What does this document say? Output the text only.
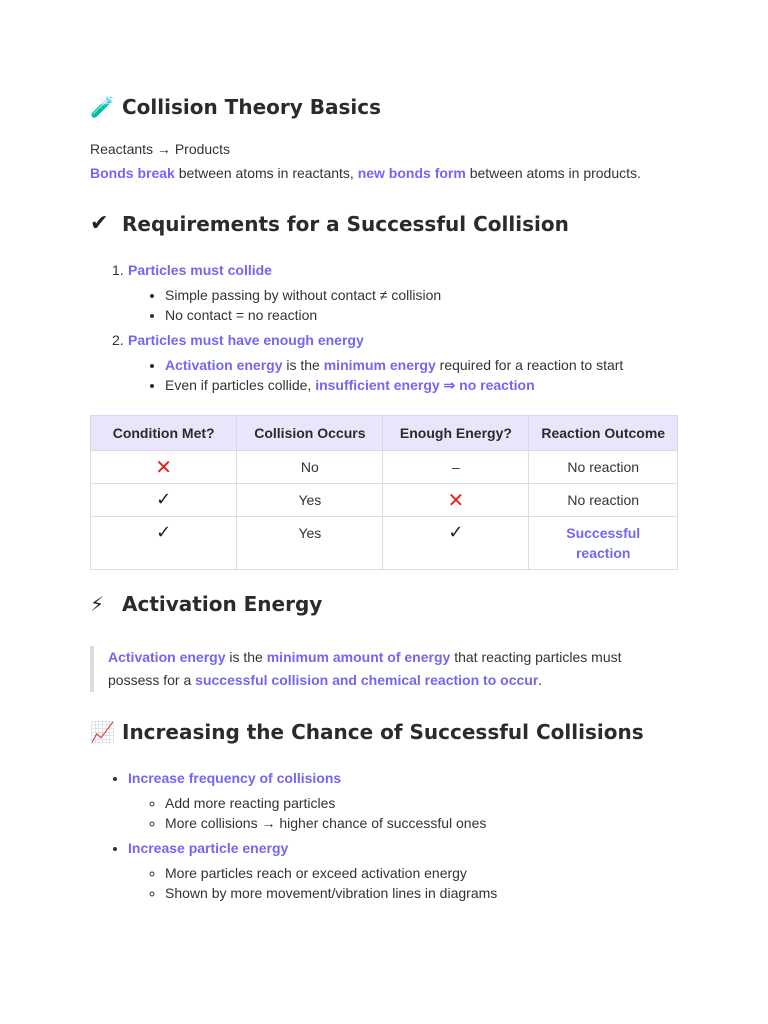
🧪 Collision Theory Basics

Reactants → Products

Bonds break between atoms in reactants, new bonds form between atoms in products.

✔ Requirements for a Successful Collision
1. Particles must collide
• Simple passing by without contact ≠ collision
• No contact = no reaction
2. Particles must have enough energy
• Activation energy is the minimum energy required for a reaction to start
• Even if particles collide, insufficient energy ⇒ no reaction
Condition Met?	Collision Occurs	Enough Energy?	Reaction Outcome
✕	No	–	No reaction
✓	Yes	✕	No reaction
✓	Yes	✓	Successful reaction
⚡ Activation Energy
Activation energy is the minimum amount of energy that reacting particles must possess for a successful collision and chemical reaction to occur.
📈 Increasing the Chance of Successful Collisions
• Increase frequency of collisions
◦ Add more reacting particles
◦ More collisions → higher chance of successful ones
• Increase particle energy
◦ More particles reach or exceed activation energy
◦ Shown by more movement/vibration lines in diagrams
